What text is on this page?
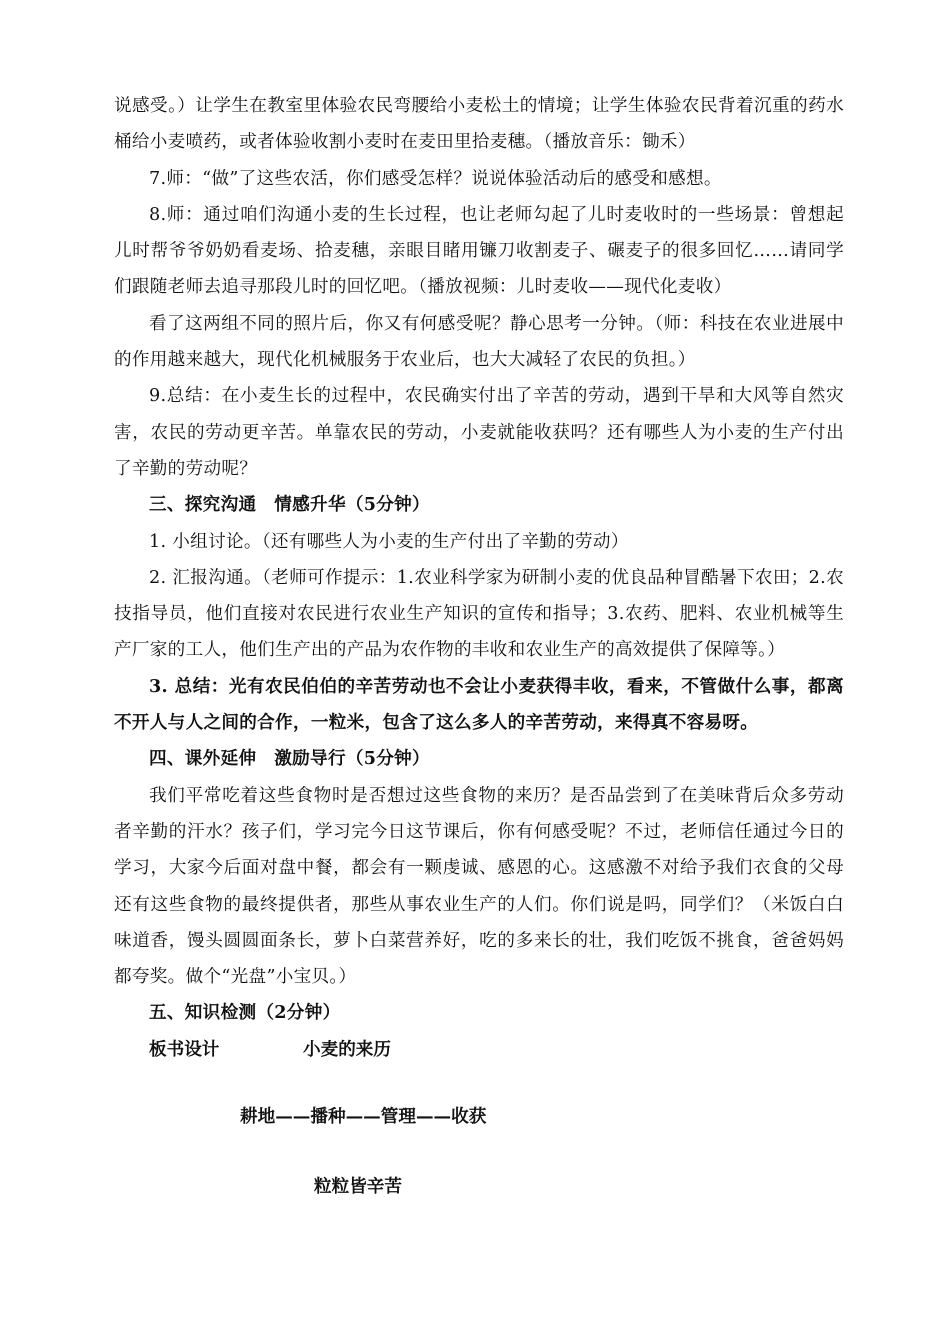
说感受。）让学生在教室里体验农民弯腰给小麦松土的情境；让学生体验农民背着沉重的药水桶给小麦喷药，或者体验收割小麦时在麦田里拾麦穗。（播放音乐：锄禾）

7.师：“做”了这些农活，你们感受怎样？说说体验活动后的感受和感想。

8.师：通过咱们沟通小麦的生长过程，也让老师勾起了儿时麦收时的一些场景：曾想起儿时帮爷爷奶奶看麦场、拾麦穗，亲眼目睹用镰刀收割麦子、碾麦子的很多回忆……请同学们跟随老师去追寻那段儿时的回忆吧。（播放视频：儿时麦收——现代化麦收）

看了这两组不同的照片后，你又有何感受呢？静心思考一分钟。（师：科技在农业进展中的作用越来越大，现代化机械服务于农业后，也大大减轻了农民的负担。）

9.总结：在小麦生长的过程中，农民确实付出了辛苦的劳动，遇到干旱和大风等自然灾害，农民的劳动更辛苦。单靠农民的劳动，小麦就能收获吗？还有哪些人为小麦的生产付出了辛勤的劳动呢？

三、探究沟通　情感升华（5分钟）

1. 小组讨论。（还有哪些人为小麦的生产付出了辛勤的劳动）

2. 汇报沟通。（老师可作提示：1.农业科学家为研制小麦的优良品种冒酷暑下农田；2.农技指导员，他们直接对农民进行农业生产知识的宣传和指导；3.农药、肥料、农业机械等生产厂家的工人，他们生产出的产品为农作物的丰收和农业生产的高效提供了保障等。）

3. 总结：光有农民伯伯的辛苦劳动也不会让小麦获得丰收，看来，不管做什么事，都离不开人与人之间的合作，一粒米，包含了这么多人的辛苦劳动，来得真不容易呀。

四、课外延伸　激励导行（5分钟）

我们平常吃着这些食物时是否想过这些食物的来历？是否品尝到了在美味背后众多劳动者辛勤的汗水？孩子们，学习完今日这节课后，你有何感受呢？不过，老师信任通过今日的学习，大家今后面对盘中餐，都会有一颗虔诚、感恩的心。这感激不对给予我们衣食的父母还有这些食物的最终提供者，那些从事农业生产的人们。你们说是吗，同学们？（米饭白白味道香，馒头圆圆面条长，萝卜白菜营养好，吃的多来长的壮，我们吃饭不挑食，爸爸妈妈都夸奖。做个“光盘”小宝贝。）

五、知识检测（2分钟）

板书设计	小麦的来历
耕地——播种——管理——收获
粒粒皆辛苦
